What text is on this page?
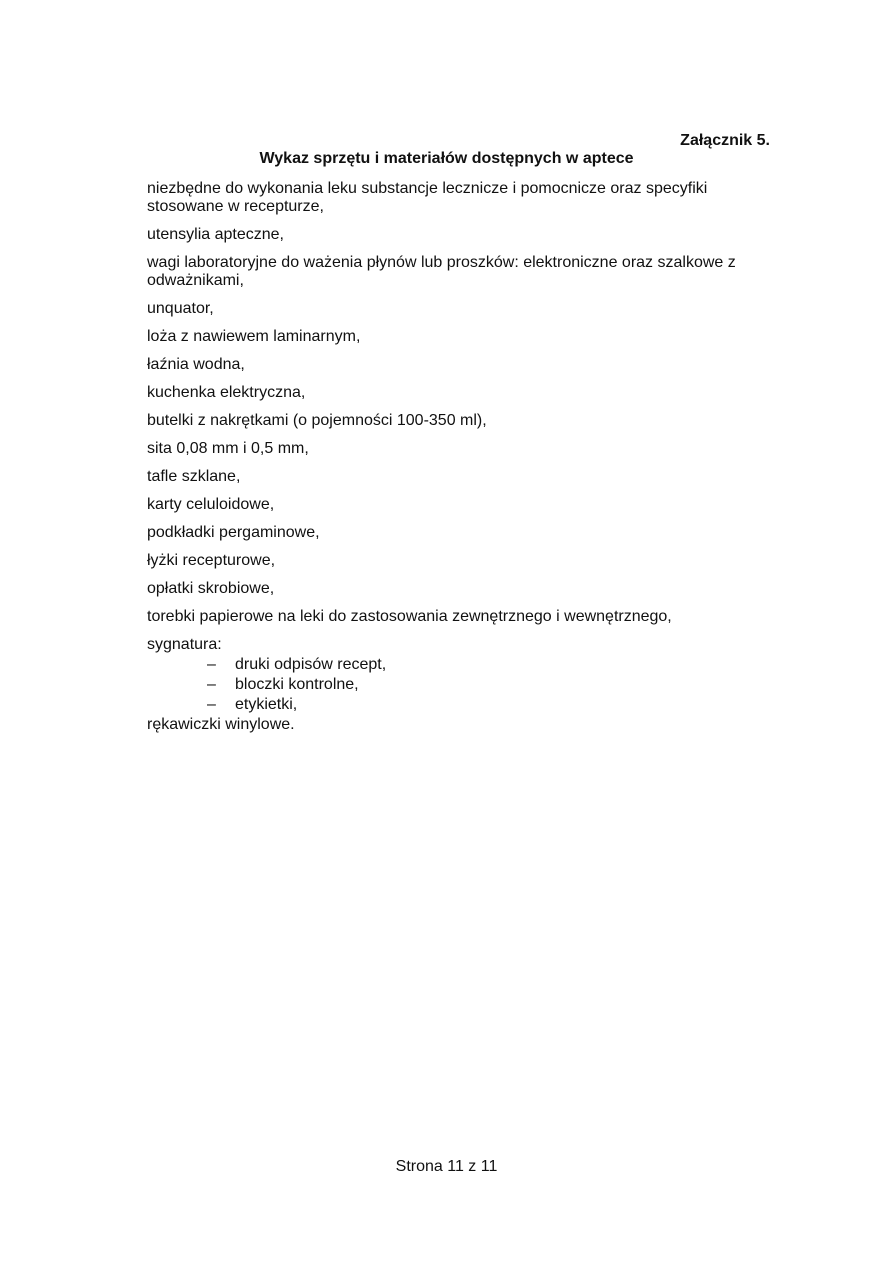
Załącznik 5.
Wykaz sprzętu i materiałów dostępnych w aptece
niezbędne do wykonania leku substancje lecznicze i pomocnicze oraz specyfiki stosowane w recepturze,
utensylia apteczne,
wagi laboratoryjne do ważenia płynów lub proszków: elektroniczne oraz szalkowe z odważnikami,
unquator,
loża z nawiewem laminarnym,
łaźnia wodna,
kuchenka elektryczna,
butelki z nakrętkami (o pojemności 100-350 ml),
sita 0,08 mm i 0,5 mm,
tafle szklane,
karty celuloidowe,
podkładki pergaminowe,
łyżki recepturowe,
opłatki skrobiowe,
torebki papierowe na leki do zastosowania zewnętrznego i wewnętrznego,
sygnatura:
– druki odpisów recept,
– bloczki kontrolne,
– etykietki,
rękawiczki winylowe.
Strona 11 z 11
